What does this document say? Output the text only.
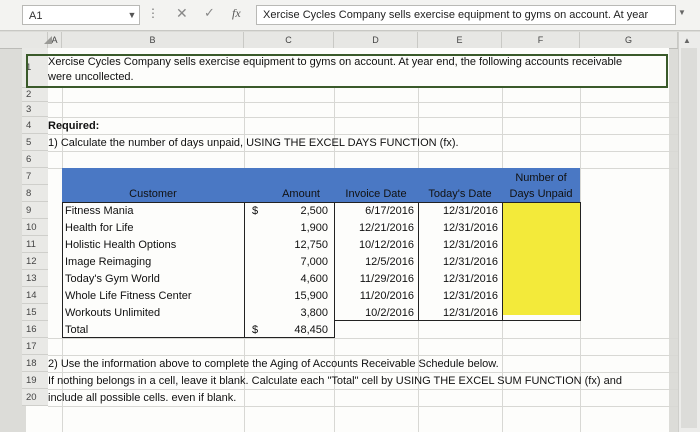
A1	▼ ⋮ ✕ ✓ fx	Xercise Cycles Company sells exercise equipment to gyms on account. At year	▼
A	B	C	D	E	F	G	▲
1
2
3
4
5
6
7
8
9
10
11
12
13
14
15
16
17
18
19
20
Xercise Cycles Company sells exercise equipment to gyms on account. At year end, the following accounts receivable
were uncollected.
Required:
1) Calculate the number of days unpaid, USING THE EXCEL DAYS FUNCTION (fx).
Customer	Amount	Invoice Date	Today's Date
Number of
Days Unpaid
Fitness Mania	$	2,500	6/17/2016	12/31/2016
Health for Life	1,900	12/21/2016	12/31/2016
Holistic Health Options	12,750	10/12/2016	12/31/2016
Image Reimaging	7,000	12/5/2016	12/31/2016
Today's Gym World	4,600	11/29/2016	12/31/2016
Whole Life Fitness Center	15,900	11/20/2016	12/31/2016
Workouts Unlimited	3,800	10/2/2016	12/31/2016
Total	$	48,450
2) Use the information above to complete the Aging of Accounts Receivable Schedule below.
If nothing belongs in a cell, leave it blank. Calculate each "Total" cell by USING THE EXCEL SUM FUNCTION (fx) and
include all possible cells. even if blank.
